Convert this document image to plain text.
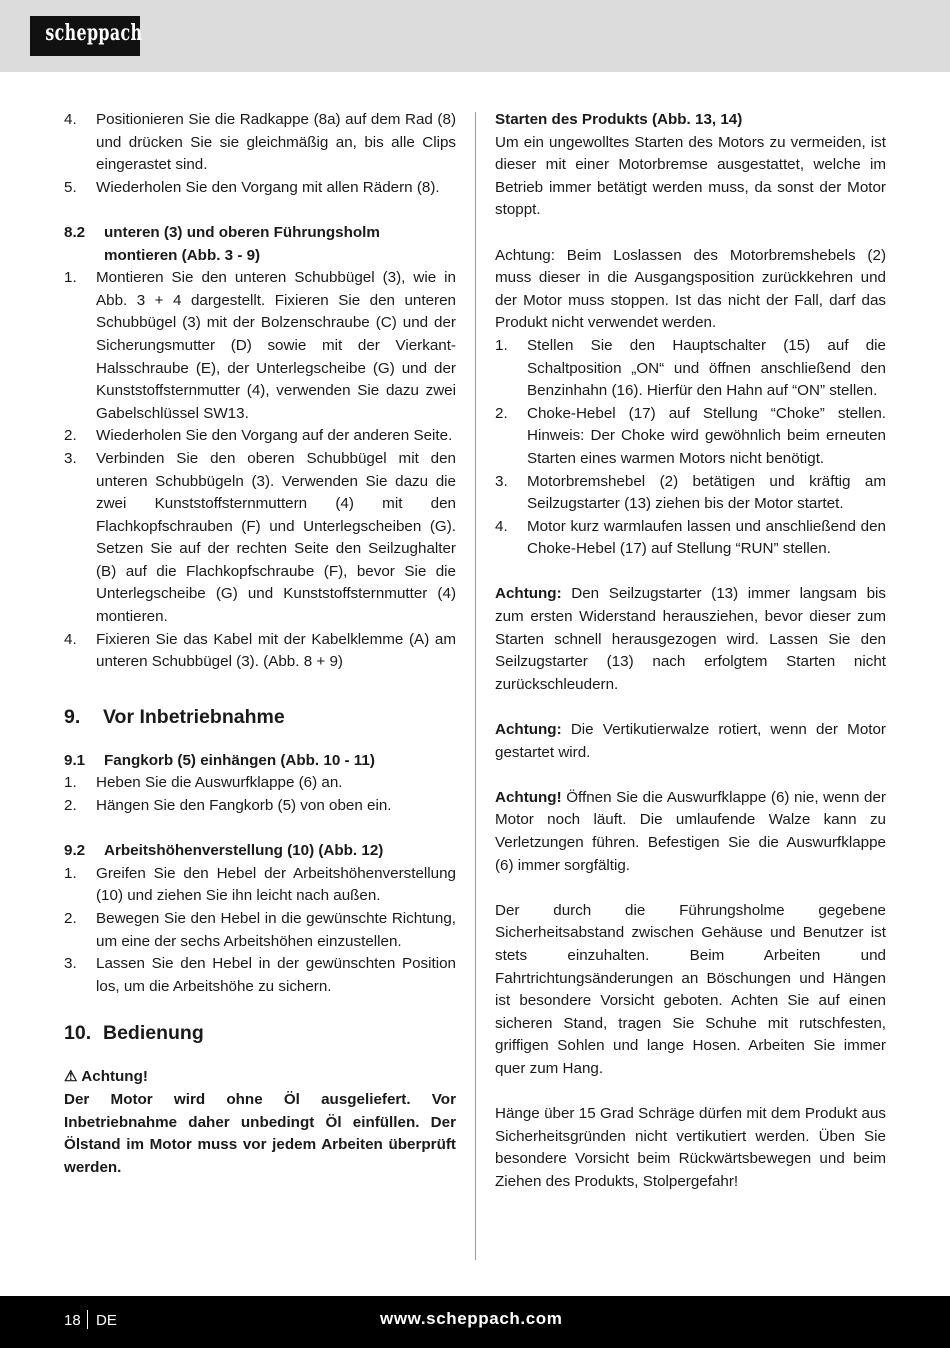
scheppach
4.	Positionieren Sie die Radkappe (8a) auf dem Rad (8) und drücken Sie sie gleichmäßig an, bis alle Clips eingerastet sind.
5.	Wiederholen Sie den Vorgang mit allen Rädern (8).
8.2	unteren (3) und oberen Führungsholm montieren (Abb. 3 - 9)
1.	Montieren Sie den unteren Schubbügel (3), wie in Abb. 3 + 4 dargestellt. Fixieren Sie den unteren Schubbügel (3) mit der Bolzenschraube (C) und der Sicherungsmutter (D) sowie mit der Vierkant-Halsschraube (E), der Unterlegscheibe (G) und der Kunststoffsternmutter (4), verwenden Sie dazu zwei Gabelschlüssel SW13.
2.	Wiederholen Sie den Vorgang auf der anderen Seite.
3.	Verbinden Sie den oberen Schubbügel mit den unteren Schubbügeln (3). Verwenden Sie dazu die zwei Kunststoffsternmuttern (4) mit den Flachkopfschrauben (F) und Unterlegscheiben (G). Setzen Sie auf der rechten Seite den Seilzughalter (B) auf die Flachkopfschraube (F), bevor Sie die Unterlegscheibe (G) und Kunststoffsternmutter (4) montieren.
4.	Fixieren Sie das Kabel mit der Kabelklemme (A) am unteren Schubbügel (3). (Abb. 8 + 9)
9.	Vor Inbetriebnahme
9.1	Fangkorb (5) einhängen (Abb. 10 - 11)
1.	Heben Sie die Auswurfklappe (6) an.
2.	Hängen Sie den Fangkorb (5) von oben ein.
9.2	Arbeitshöhenverstellung (10) (Abb. 12)
1.	Greifen Sie den Hebel der Arbeitshöhenverstellung (10) und ziehen Sie ihn leicht nach außen.
2.	Bewegen Sie den Hebel in die gewünschte Richtung, um eine der sechs Arbeitshöhen einzustellen.
3.	Lassen Sie den Hebel in der gewünschten Position los, um die Arbeitshöhe zu sichern.
10. Bedienung
⚠ Achtung!

Der Motor wird ohne Öl ausgeliefert. Vor Inbetriebnahme daher unbedingt Öl einfüllen. Der Ölstand im Motor muss vor jedem Arbeiten überprüft werden.

Starten des Produkts (Abb. 13, 14)

Um ein ungewolltes Starten des Motors zu vermeiden, ist dieser mit einer Motorbremse ausgestattet, welche im Betrieb immer betätigt werden muss, da sonst der Motor stoppt.

Achtung: Beim Loslassen des Motorbremshebels (2) muss dieser in die Ausgangsposition zurückkehren und der Motor muss stoppen. Ist das nicht der Fall, darf das Produkt nicht verwendet werden.

1.	Stellen Sie den Hauptschalter (15) auf die Schaltposition „ON“ und öffnen anschließend den Benzinhahn (16). Hierfür den Hahn auf “ON” stellen.
2.	Choke-Hebel (17) auf Stellung “Choke” stellen. Hinweis: Der Choke wird gewöhnlich beim erneuten Starten eines warmen Motors nicht benötigt.
3.	Motorbremshebel (2) betätigen und kräftig am Seilzugstarter (13) ziehen bis der Motor startet.
4.	Motor kurz warmlaufen lassen und anschließend den Choke-Hebel (17) auf Stellung “RUN” stellen.

Achtung: Den Seilzugstarter (13) immer langsam bis zum ersten Widerstand herausziehen, bevor dieser zum Starten schnell herausgezogen wird. Lassen Sie den Seilzugstarter (13) nach erfolgtem Starten nicht zurückschleudern.

Achtung: Die Vertikutierwalze rotiert, wenn der Motor gestartet wird.

Achtung! Öffnen Sie die Auswurfklappe (6) nie, wenn der Motor noch läuft. Die umlaufende Walze kann zu Verletzungen führen. Befestigen Sie die Auswurfklappe (6) immer sorgfältig.

Der durch die Führungsholme gegebene Sicherheitsabstand zwischen Gehäuse und Benutzer ist stets einzuhalten. Beim Arbeiten und Fahrtrichtungsänderungen an Böschungen und Hängen ist besondere Vorsicht geboten. Achten Sie auf einen sicheren Stand, tragen Sie Schuhe mit rutschfesten, griffigen Sohlen und lange Hosen. Arbeiten Sie immer quer zum Hang.

Hänge über 15 Grad Schräge dürfen mit dem Produkt aus Sicherheitsgründen nicht vertikutiert werden. Üben Sie besondere Vorsicht beim Rückwärtsbewegen und beim Ziehen des Produkts, Stolpergefahr!

18 DE	www.scheppach.com
